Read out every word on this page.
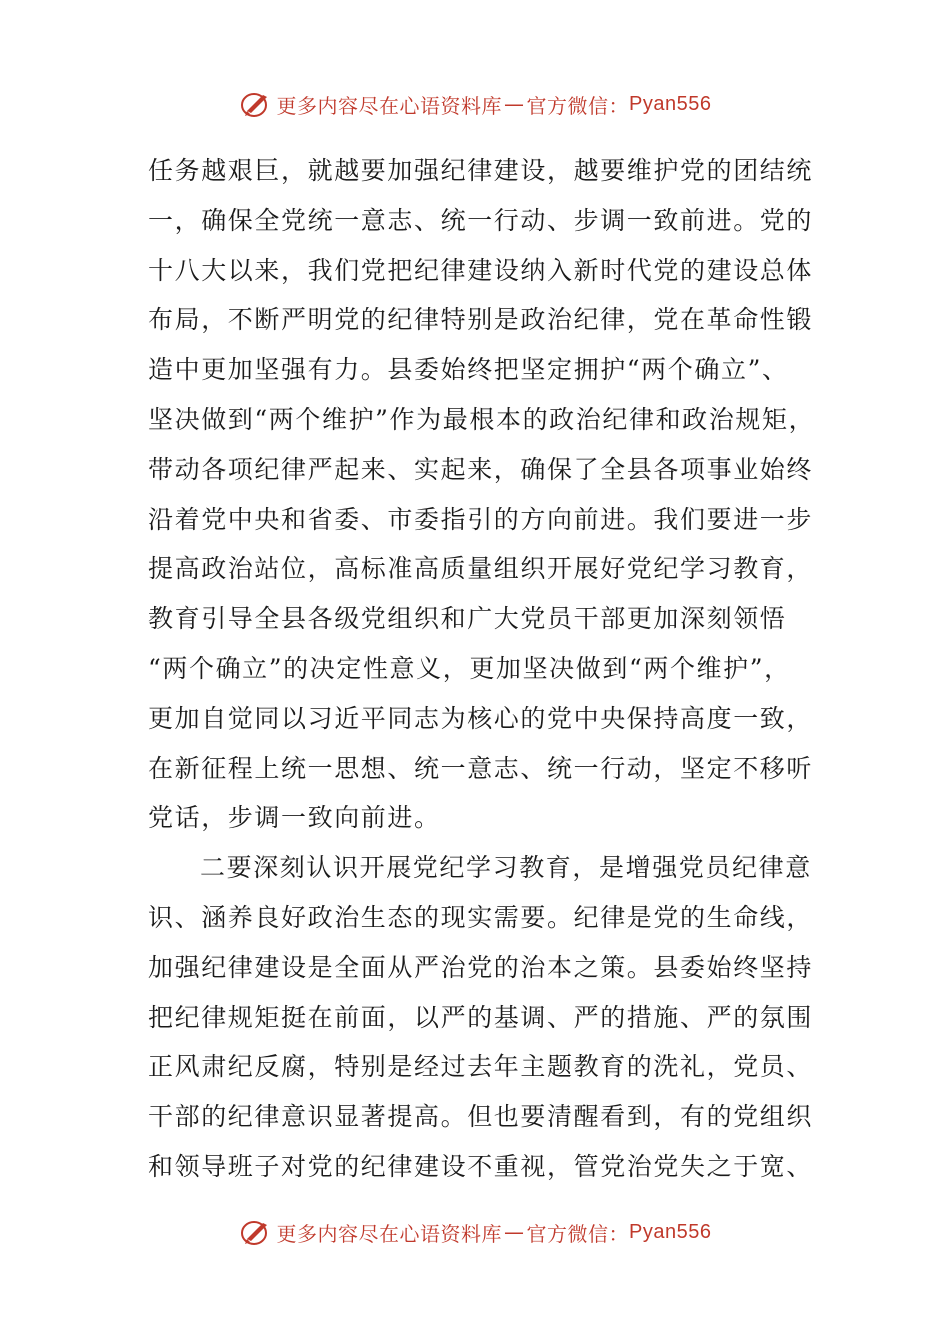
更多内容尽在心语资料库 — 官方微信： Pyan556
任务越艰巨，就越要加强纪律建设，越要维护党的团结统
一，确保全党统一意志、统一行动、步调一致前进。党的
十八大以来，我们党把纪律建设纳入新时代党的建设总体
布局，不断严明党的纪律特别是政治纪律，党在革命性锻
造中更加坚强有力。县委始终把坚定拥护“两个确立”、
坚决做到“两个维护”作为最根本的政治纪律和政治规矩，
带动各项纪律严起来、实起来，确保了全县各项事业始终
沿着党中央和省委、市委指引的方向前进。我们要进一步
提高政治站位，高标准高质量组织开展好党纪学习教育，
教育引导全县各级党组织和广大党员干部更加深刻领悟
“两个确立”的决定性意义，更加坚决做到“两个维护”，
更加自觉同以习近平同志为核心的党中央保持高度一致，
在新征程上统一思想、统一意志、统一行动，坚定不移听
党话，步调一致向前进。
二要深刻认识开展党纪学习教育，是增强党员纪律意
识、涵养良好政治生态的现实需要。纪律是党的生命线，
加强纪律建设是全面从严治党的治本之策。县委始终坚持
把纪律规矩挺在前面，以严的基调、严的措施、严的氛围
正风肃纪反腐，特别是经过去年主题教育的洗礼，党员、
干部的纪律意识显著提高。但也要清醒看到，有的党组织
和领导班子对党的纪律建设不重视，管党治党失之于宽、
更多内容尽在心语资料库 — 官方微信： Pyan556
